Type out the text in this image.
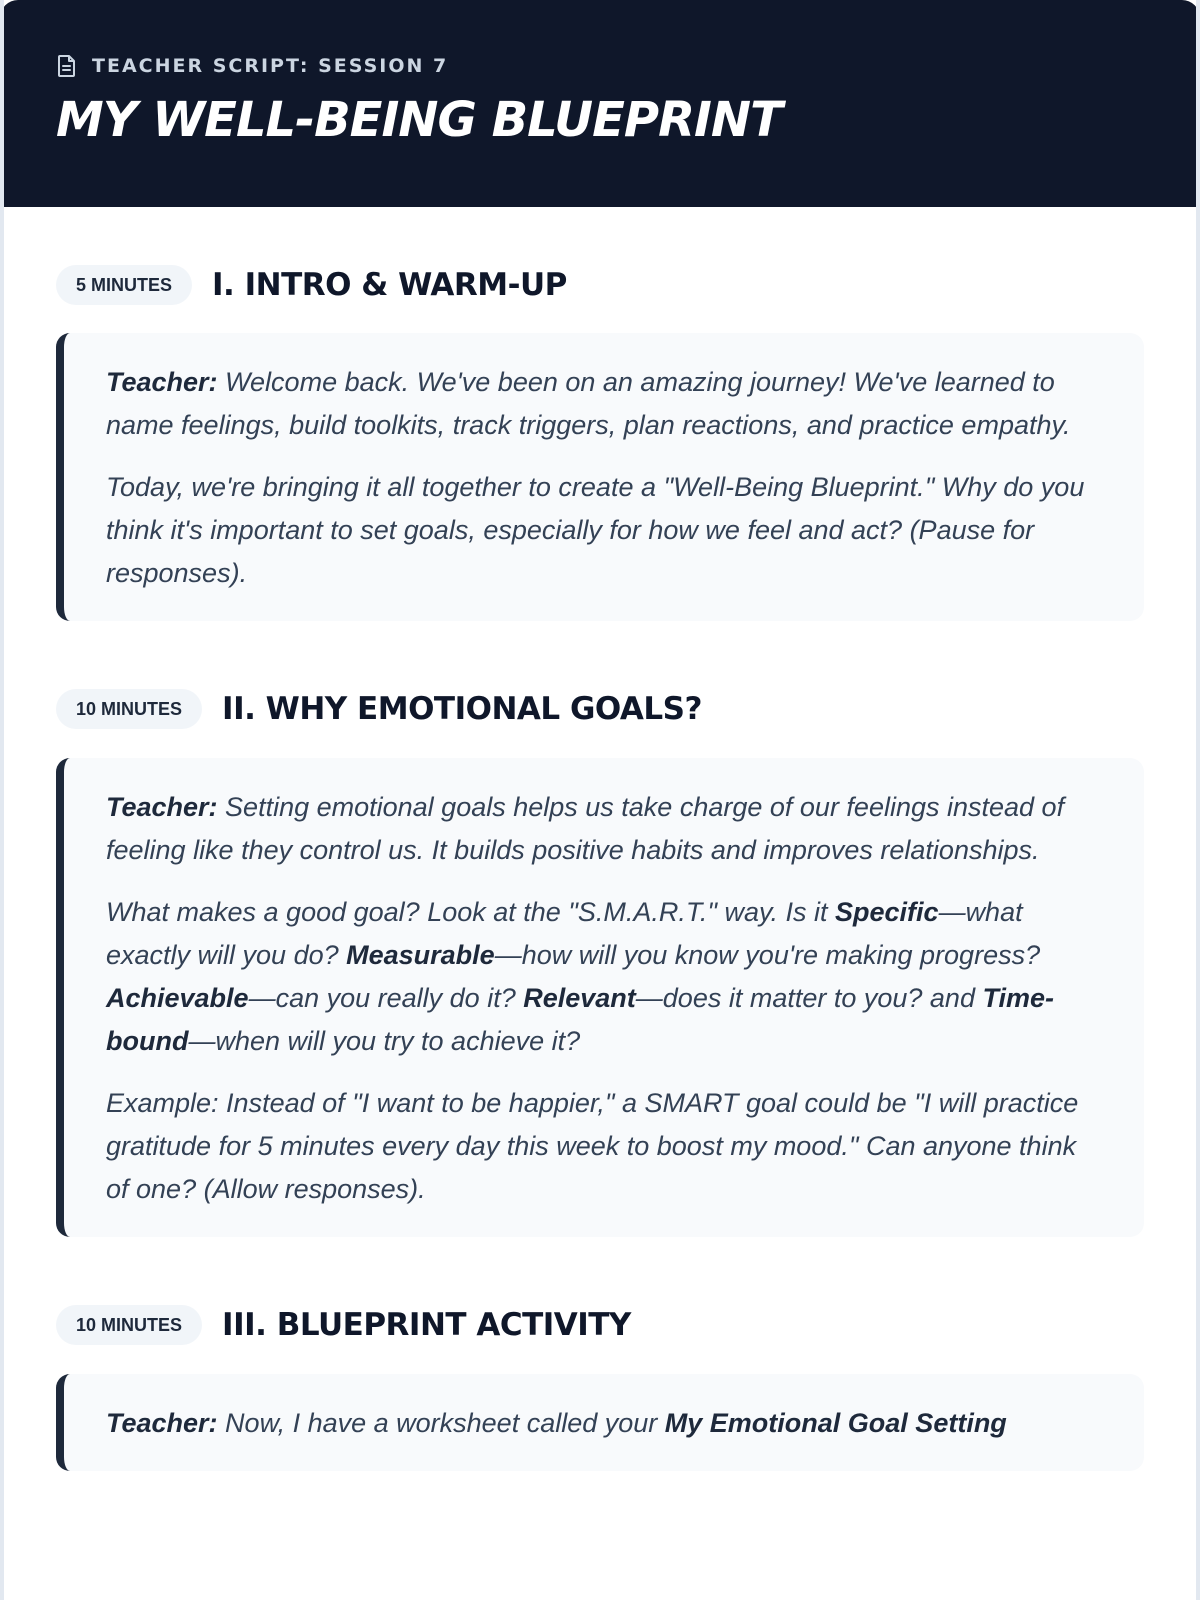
TEACHER SCRIPT: SESSION 7
MY WELL-BEING BLUEPRINT
5 MINUTES	I. INTRO & WARM-UP

Teacher: Welcome back. We've been on an amazing journey! We've learned to name feelings, build toolkits, track triggers, plan reactions, and practice empathy.

Today, we're bringing it all together to create a "Well-Being Blueprint." Why do you think it's important to set goals, especially for how we feel and act? (Pause for responses).

10 MINUTES	II. WHY EMOTIONAL GOALS?

Teacher: Setting emotional goals helps us take charge of our feelings instead of feeling like they control us. It builds positive habits and improves relationships.

What makes a good goal? Look at the "S.M.A.R.T." way. Is it Specific—what exactly will you do? Measurable—how will you know you're making progress? Achievable—can you really do it? Relevant—does it matter to you? and Time-bound—when will you try to achieve it?

Example: Instead of "I want to be happier," a SMART goal could be "I will practice gratitude for 5 minutes every day this week to boost my mood." Can anyone think of one? (Allow responses).

10 MINUTES	III. BLUEPRINT ACTIVITY

Teacher: Now, I have a worksheet called your My Emotional Goal Setting
